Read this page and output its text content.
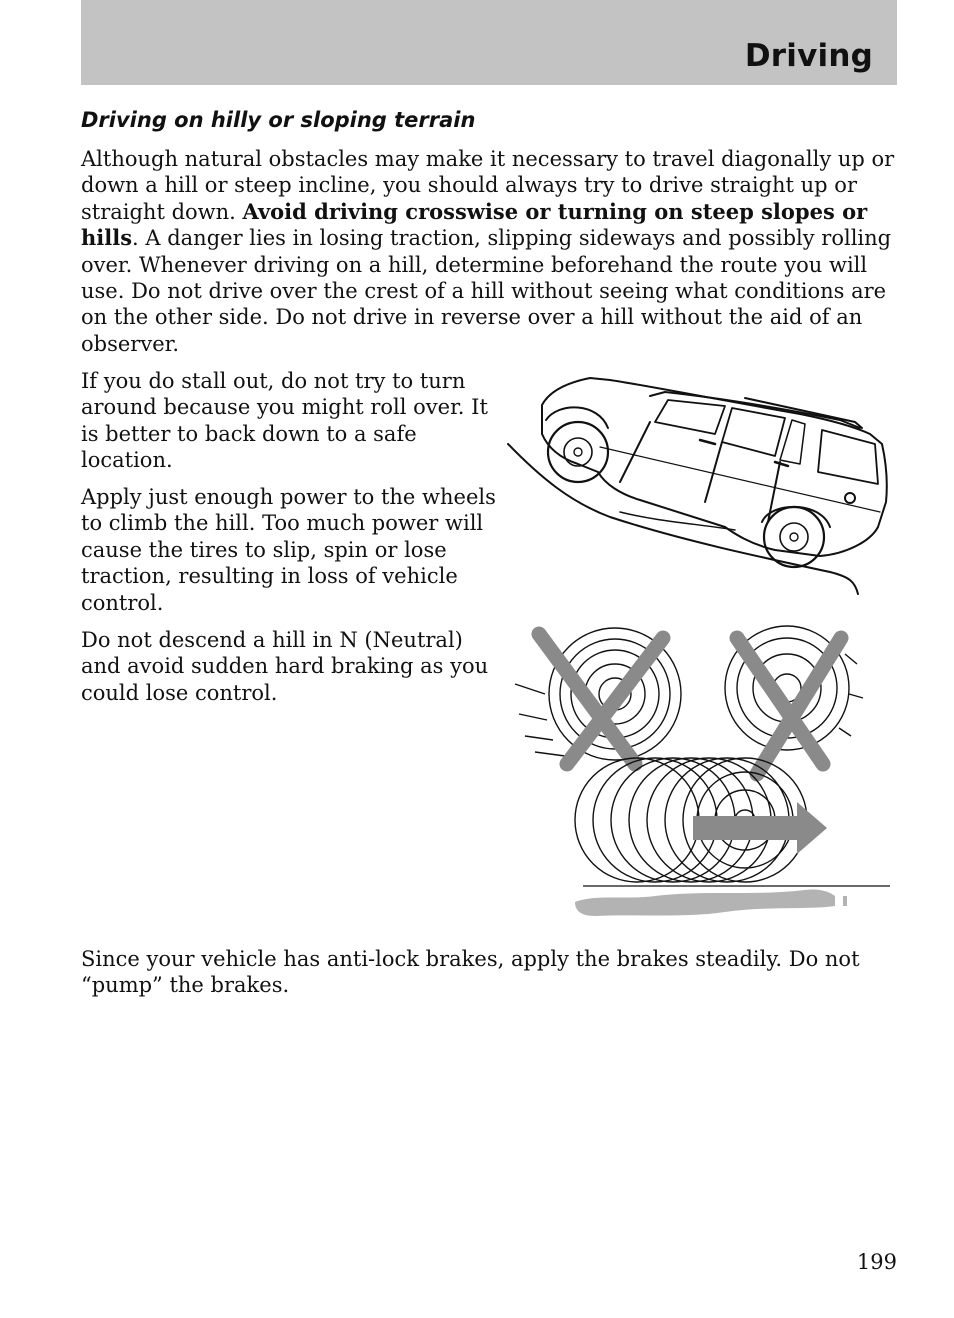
Driving
Driving on hilly or sloping terrain

Although natural obstacles may make it necessary to travel diagonally up or down a hill or steep incline, you should always try to drive straight up or straight down. Avoid driving crosswise or turning on steep slopes or hills. A danger lies in losing traction, slipping sideways and possibly rolling over. Whenever driving on a hill, determine beforehand the route you will use. Do not drive over the crest of a hill without seeing what conditions are on the other side. Do not drive in reverse over a hill without the aid of an observer.

If you do stall out, do not try to turn around because you might roll over. It is better to back down to a safe location.

Apply just enough power to the wheels to climb the hill. Too much power will cause the tires to slip, spin or lose traction, resulting in loss of vehicle control.

Do not descend a hill in N (Neutral) and avoid sudden hard braking as you could lose control.

Since your vehicle has anti-lock brakes, apply the brakes steadily. Do not “pump” the brakes.

199
